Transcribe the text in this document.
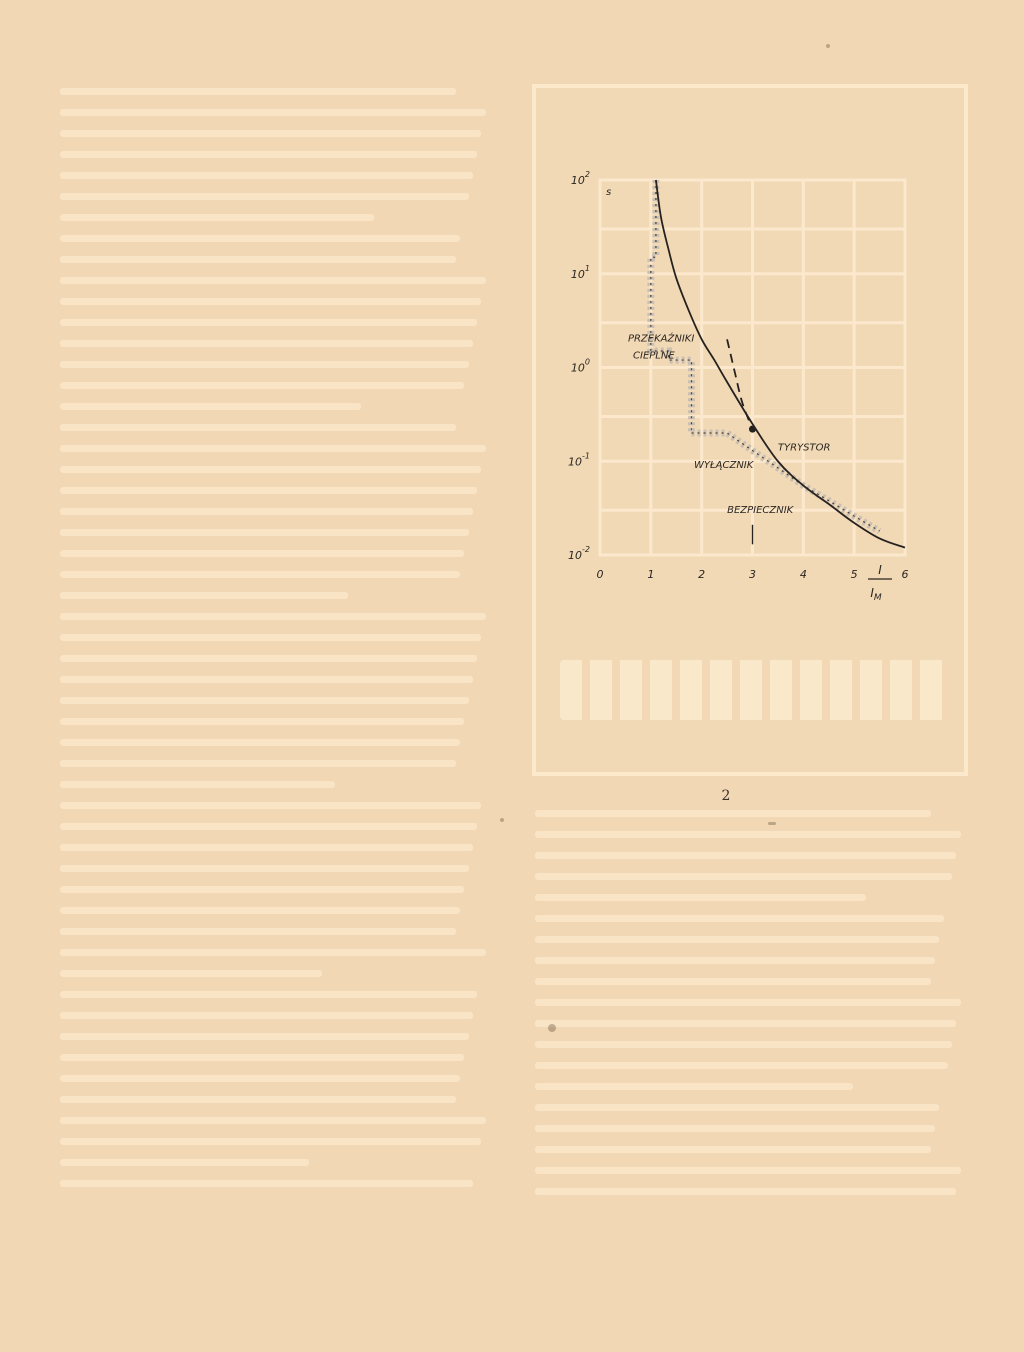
2
0	1	2	3	4	5	6
$10^2$
$10^1$
$10^0$
$10^{-1}$
$10^{-2}$
s
I
$I_M$
PRZEKAŹNIKI
CIEPLNE
WYŁĄCZNIK
TYRYSTOR
BEZPIECZNIK
